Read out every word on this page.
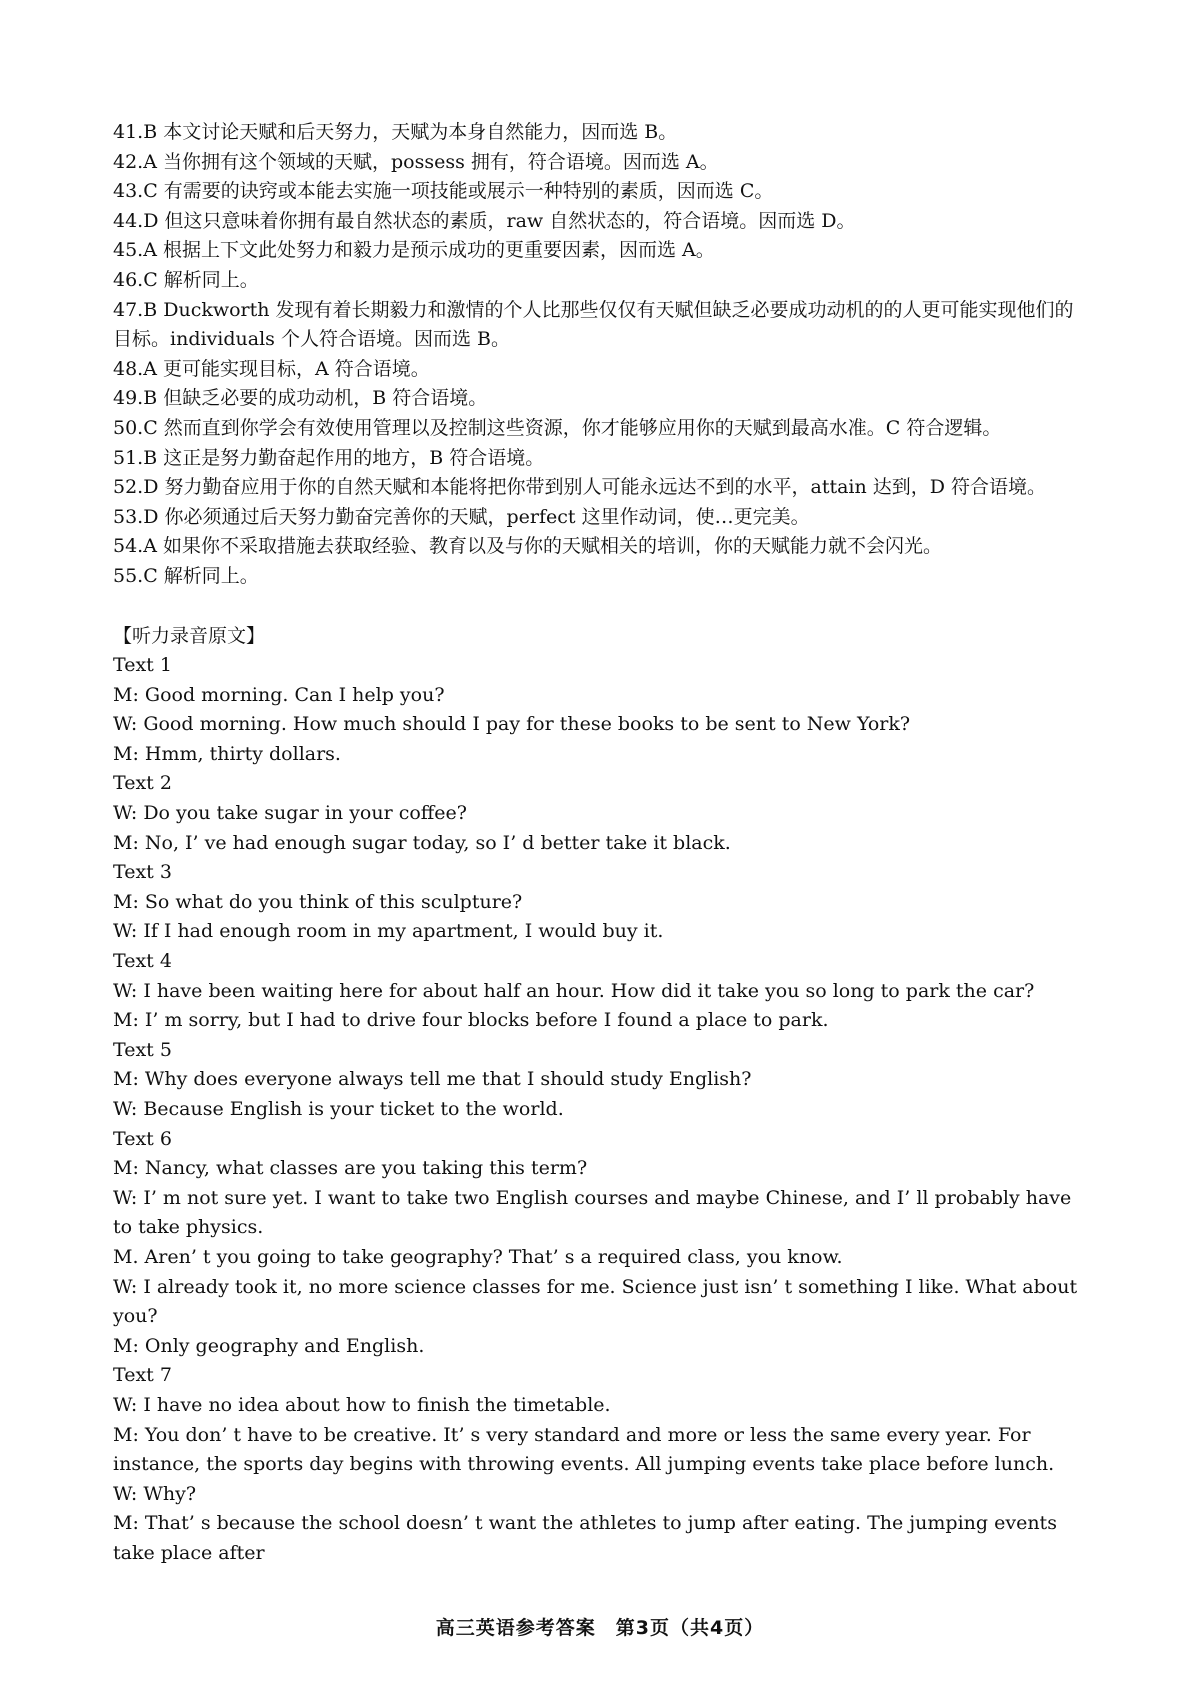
41.B 本文讨论天赋和后天努力，天赋为本身自然能力，因而选 B。

42.A 当你拥有这个领域的天赋，possess 拥有，符合语境。因而选 A。

43.C 有需要的诀窍或本能去实施一项技能或展示一种特别的素质，因而选 C。

44.D 但这只意味着你拥有最自然状态的素质，raw 自然状态的，符合语境。因而选 D。

45.A 根据上下文此处努力和毅力是预示成功的更重要因素，因而选 A。

46.C 解析同上。

47.B Duckworth 发现有着长期毅力和激情的个人比那些仅仅有天赋但缺乏必要成功动机的的人更可能实现他们的目标。individuals 个人符合语境。因而选 B。

48.A 更可能实现目标，A 符合语境。

49.B 但缺乏必要的成功动机，B 符合语境。

50.C 然而直到你学会有效使用管理以及控制这些资源，你才能够应用你的天赋到最高水准。C 符合逻辑。

51.B 这正是努力勤奋起作用的地方，B 符合语境。

52.D 努力勤奋应用于你的自然天赋和本能将把你带到别人可能永远达不到的水平，attain 达到，D 符合语境。

53.D 你必须通过后天努力勤奋完善你的天赋，perfect 这里作动词，使…更完美。

54.A 如果你不采取措施去获取经验、教育以及与你的天赋相关的培训，你的天赋能力就不会闪光。

55.C 解析同上。

【听力录音原文】

Text 1

M: Good morning. Can I help you?

W: Good morning. How much should I pay for these books to be sent to New York?

M: Hmm, thirty dollars.

Text 2

W: Do you take sugar in your coffee?

M: No, I’ ve had enough sugar today, so I’ d better take it black.

Text 3

M: So what do you think of this sculpture?

W: If I had enough room in my apartment, I would buy it.

Text 4

W: I have been waiting here for about half an hour. How did it take you so long to park the car?

M: I’ m sorry, but I had to drive four blocks before I found a place to park.

Text 5

M: Why does everyone always tell me that I should study English?

W: Because English is your ticket to the world.

Text 6

M: Nancy, what classes are you taking this term?

W: I’ m not sure yet. I want to take two English courses and maybe Chinese, and I’ ll probably have to take physics.

M. Aren’ t you going to take geography? That’ s a required class, you know.

W: I already took it, no more science classes for me. Science just isn’ t something I like. What about you?

M: Only geography and English.

Text 7

W: I have no idea about how to finish the timetable.

M: You don’ t have to be creative. It’ s very standard and more or less the same every year. For instance, the sports day begins with throwing events. All jumping events take place before lunch.

W: Why?

M: That’ s because the school doesn’ t want the athletes to jump after eating. The jumping events take place after

高三英语参考答案　第3页（共4页）
